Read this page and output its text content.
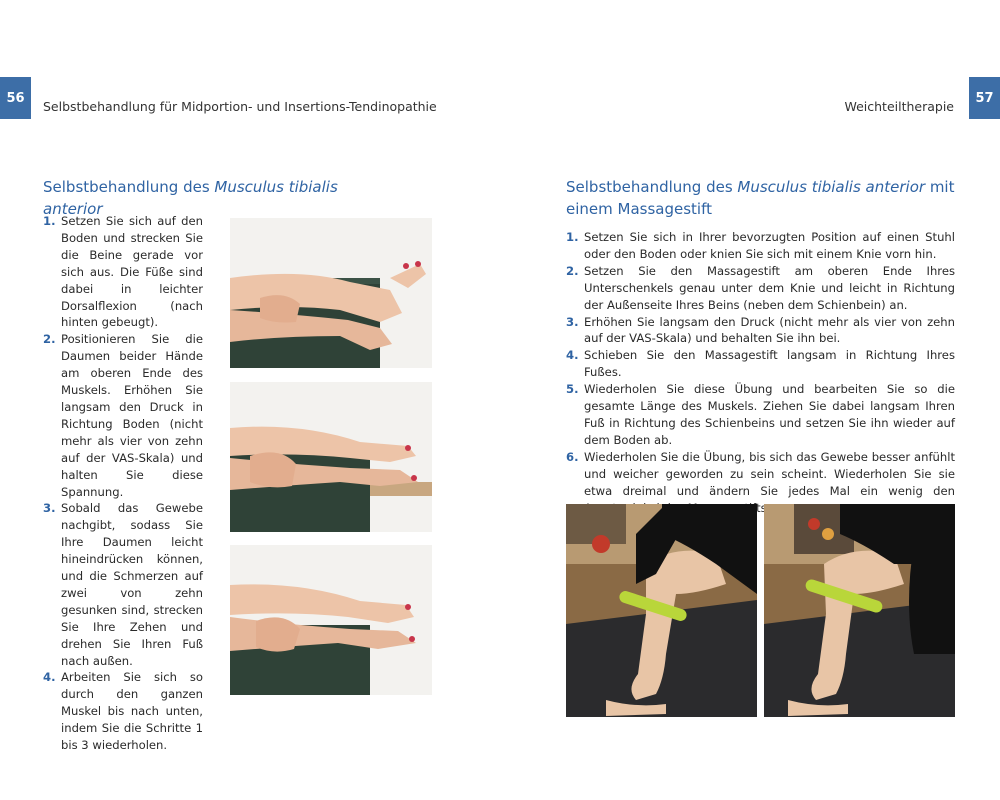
56
Selbstbehandlung für Midportion- und Insertions-Tendinopathie	Weichteiltherapie
57
Selbstbehandlung des Musculus tibialis anterior
1. Setzen Sie sich auf den Boden und strecken Sie die Beine gerade vor sich aus. Die Füße sind dabei in leichter Dorsalflexion (nach hinten gebeugt).
2. Positionieren Sie die Daumen beider Hände am oberen Ende des Muskels. Erhöhen Sie langsam den Druck in Richtung Boden (nicht mehr als vier von zehn auf der VAS-Skala) und halten Sie diese Spannung.
3. Sobald das Gewebe nachgibt, sodass Sie Ihre Daumen leicht hineindrücken können, und die Schmerzen auf zwei von zehn gesunken sind, strecken Sie Ihre Zehen und drehen Sie Ihren Fuß nach außen.
4. Arbeiten Sie sich so durch den ganzen Muskel bis nach unten, indem Sie die Schritte 1 bis 3 wiederholen.
Selbstbehandlung des Musculus tibialis anterior mit einem Massagestift
1. Setzen Sie sich in Ihrer bevorzugten Position auf einen Stuhl oder den Boden oder knien Sie sich mit einem Knie vorn hin.
2. Setzen Sie den Massagestift am oberen Ende Ihres Unterschenkels genau unter dem Knie und leicht in Richtung der Außenseite Ihres Beins (neben dem Schienbein) an.
3. Erhöhen Sie langsam den Druck (nicht mehr als vier von zehn auf der VAS-Skala) und behalten Sie ihn bei.
4. Schieben Sie den Massagestift langsam in Richtung Ihres Fußes.
5. Wiederholen Sie diese Übung und bearbeiten Sie so die gesamte Länge des Muskels. Ziehen Sie dabei langsam Ihren Fuß in Richtung des Schienbeins und setzen Sie ihn wieder auf dem Boden ab.
6. Wiederholen Sie die Übung, bis sich das Gewebe besser anfühlt und weicher geworden zu sein scheint. Wiederholen Sie sie etwa dreimal und ändern Sie jedes Mal ein wenig den
